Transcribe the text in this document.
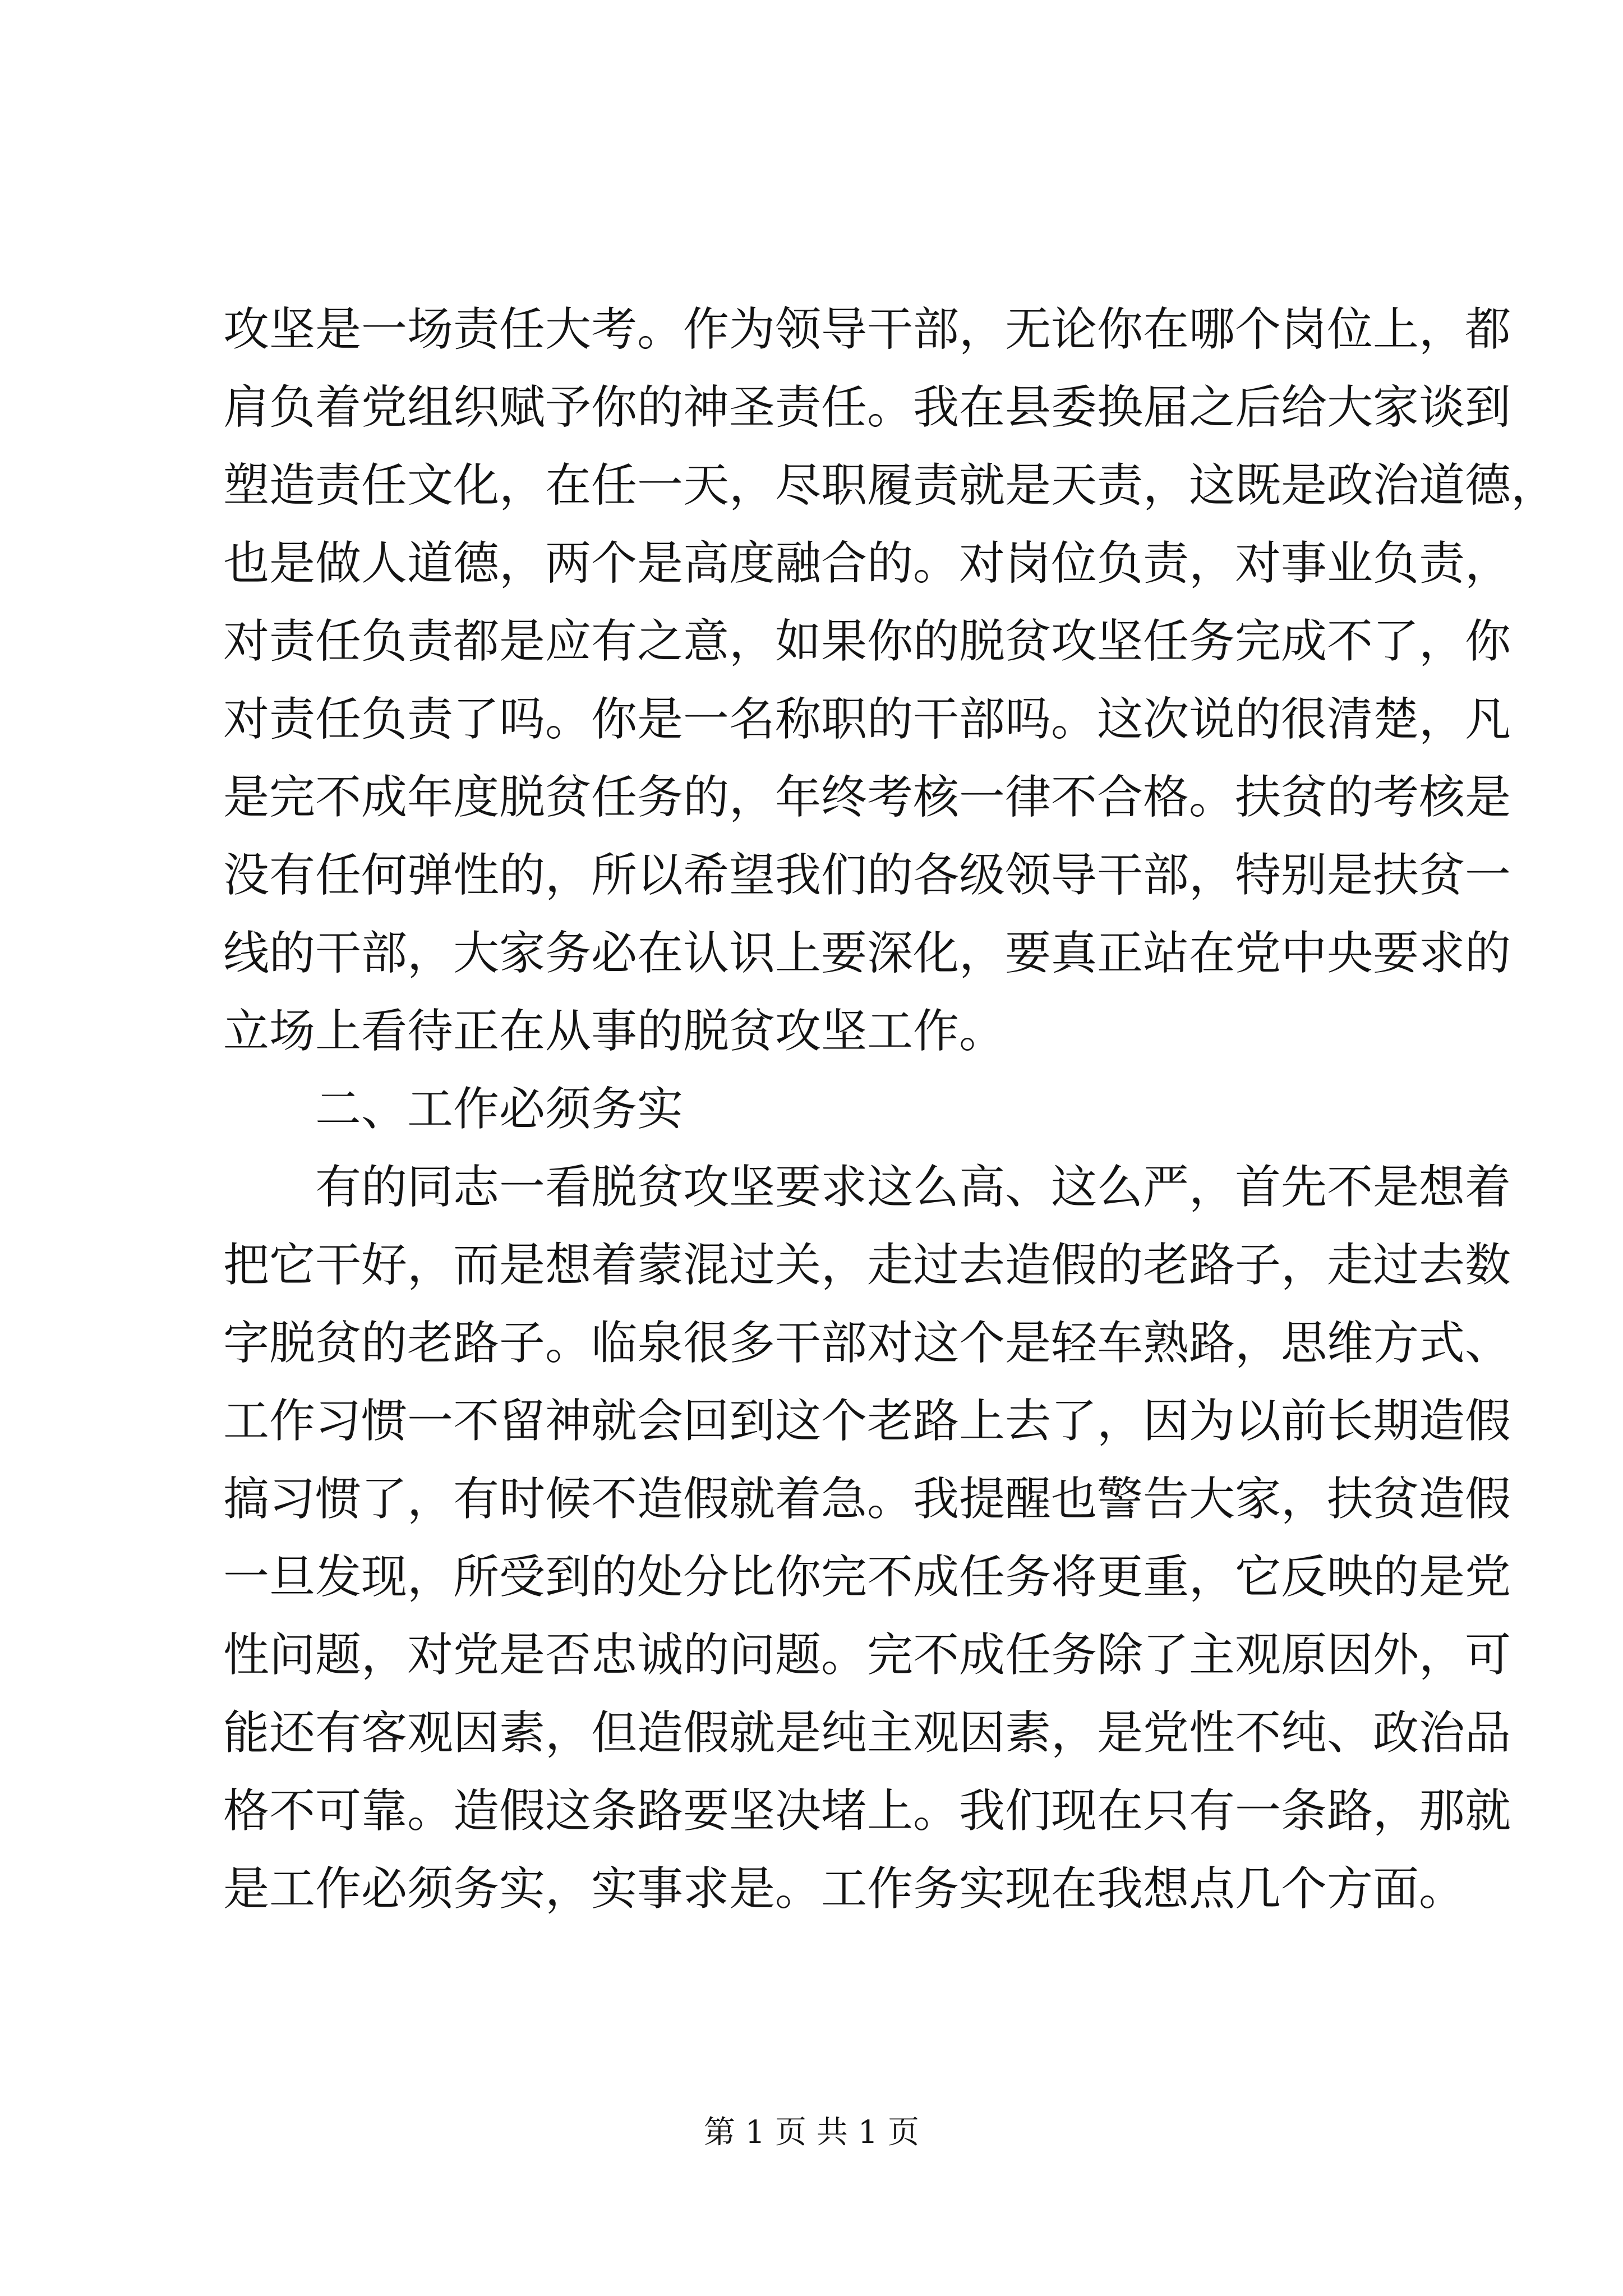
攻坚是一场责任大考。作为领导干部，无论你在哪个岗位上，都
肩负着党组织赋予你的神圣责任。我在县委换届之后给大家谈到
塑造责任文化，在任一天，尽职履责就是天责，这既是政治道德，
也是做人道德，两个是高度融合的。对岗位负责，对事业负责，
对责任负责都是应有之意，如果你的脱贫攻坚任务完成不了，你
对责任负责了吗。你是一名称职的干部吗。这次说的很清楚，凡
是完不成年度脱贫任务的，年终考核一律不合格。扶贫的考核是
没有任何弹性的，所以希望我们的各级领导干部，特别是扶贫一
线的干部，大家务必在认识上要深化，要真正站在党中央要求的
立场上看待正在从事的脱贫攻坚工作。
二、工作必须务实
有的同志一看脱贫攻坚要求这么高、这么严，首先不是想着
把它干好，而是想着蒙混过关，走过去造假的老路子，走过去数
字脱贫的老路子。临泉很多干部对这个是轻车熟路，思维方式、
工作习惯一不留神就会回到这个老路上去了，因为以前长期造假
搞习惯了，有时候不造假就着急。我提醒也警告大家，扶贫造假
一旦发现，所受到的处分比你完不成任务将更重，它反映的是党
性问题，对党是否忠诚的问题。完不成任务除了主观原因外，可
能还有客观因素，但造假就是纯主观因素，是党性不纯、政治品
格不可靠。造假这条路要坚决堵上。我们现在只有一条路，那就
是工作必须务实，实事求是。工作务实现在我想点几个方面。
第 1 页 共 1 页
